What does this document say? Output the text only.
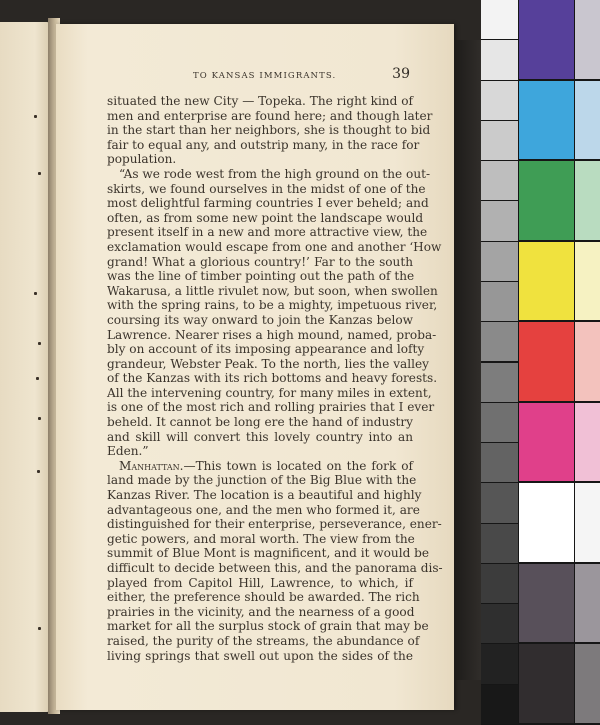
TO KANSAS IMMIGRANTS.	39
situated the new City — Topeka. The right kind of
men and enterprise are found here; and though later
in the start than her neighbors, she is thought to bid
fair to equal any, and outstrip many, in the race for
population.
“As we rode west from the high ground on the out-
skirts, we found ourselves in the midst of one of the
most delightful farming countries I ever beheld; and
often, as from some new point the landscape would
present itself in a new and more attractive view, the
exclamation would escape from one and another ‘How
grand! What a glorious country!’ Far to the south
was the line of timber pointing out the path of the
Wakarusa, a little rivulet now, but soon, when swollen
with the spring rains, to be a mighty, impetuous river,
coursing its way onward to join the Kanzas below
Lawrence. Nearer rises a high mound, named, proba-
bly on account of its imposing appearance and lofty
grandeur, Webster Peak. To the north, lies the valley
of the Kanzas with its rich bottoms and heavy forests.
All the intervening country, for many miles in extent,
is one of the most rich and rolling prairies that I ever
beheld. It cannot be long ere the hand of industry
and skill will convert this lovely country into an
Eden.”
Manhattan.—This town is located on the fork of
land made by the junction of the Big Blue with the
Kanzas River. The location is a beautiful and highly
advantageous one, and the men who formed it, are
distinguished for their enterprise, perseverance, ener-
getic powers, and moral worth. The view from the
summit of Blue Mont is magnificent, and it would be
difficult to decide between this, and the panorama dis-
played from Capitol Hill, Lawrence, to which, if
either, the preference should be awarded. The rich
prairies in the vicinity, and the nearness of a good
market for all the surplus stock of grain that may be
raised, the purity of the streams, the abundance of
living springs that swell out upon the sides of the
